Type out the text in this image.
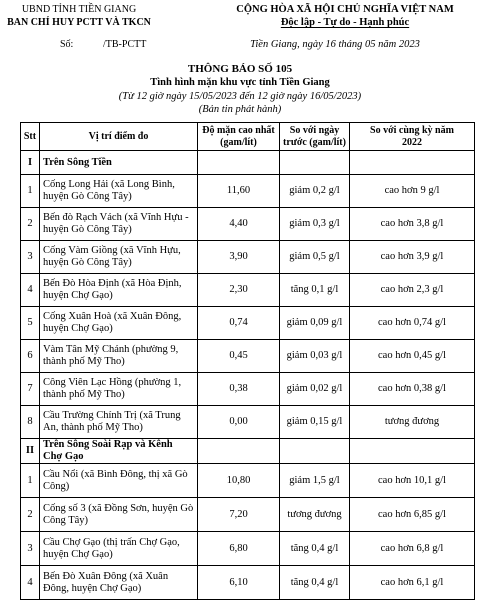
UBND TỈNH TIỀN GIANG
BAN CHỈ HUY PCTT VÀ TKCN
Số:	/TB-PCTT
CỘNG HÒA XÃ HỘI CHỦ NGHĨA VIỆT NAM
Độc lập - Tự do - Hạnh phúc
Tiền Giang, ngày 16 tháng 05 năm 2023
THÔNG BÁO SỐ 105
Tình hình mặn khu vực tỉnh Tiền Giang
(Từ 12 giờ ngày 15/05/2023 đến 12 giờ ngày 16/05/2023)
(Bản tin phát hành)
Stt	Vị trí điểm đo	Độ mặn cao nhất (gam/lít)	So với ngày trước (gam/lít)	So với cùng kỳ năm 2022
I	Trên Sông Tiền			
1	Cống Long Hải (xã Long Bình, huyện Gò Công Tây)	11,60	giảm 0,2 g/l	cao hơn 9 g/l
2	Bến đò Rạch Vách (xã Vĩnh Hựu - huyện Gò Công Tây)	4,40	giảm 0,3 g/l	cao hơn 3,8 g/l
3	Cống Vàm Giồng (xã Vĩnh Hựu, huyện Gò Công Tây)	3,90	giảm 0,5 g/l	cao hơn 3,9 g/l
4	Bến Đò Hòa Định (xã Hòa Định, huyện Chợ Gạo)	2,30	tăng 0,1 g/l	cao hơn 2,3 g/l
5	Cống Xuân Hoà (xã Xuân Đông, huyện Chợ Gạo)	0,74	giảm 0,09 g/l	cao hơn 0,74 g/l
6	Vàm Tân Mỹ Chánh (phường 9, thành phố Mỹ Tho)	0,45	giảm 0,03 g/l	cao hơn 0,45 g/l
7	Công Viên Lạc Hồng (phường 1, thành phố Mỹ Tho)	0,38	giảm 0,02 g/l	cao hơn 0,38 g/l
8	Cầu Trường Chính Trị (xã Trung An, thành phố Mỹ Tho)	0,00	giảm 0,15 g/l	tương đương
II	Trên Sông Soài Rạp và Kênh Chợ Gạo			
1	Cầu Nổi (xã Bình Đông, thị xã Gò Công)	10,80	giảm 1,5 g/l	cao hơn 10,1 g/l
2	Cống số 3 (xã Đồng Sơn, huyện Gò Công Tây)	7,20	tương đương	cao hơn 6,85 g/l
3	Cầu Chợ Gạo (thị trấn Chợ Gạo, huyện Chợ Gạo)	6,80	tăng 0,4 g/l	cao hơn 6,8 g/l
4	Bến Đò Xuân Đông (xã Xuân Đông, huyện Chợ Gạo)	6,10	tăng 0,4 g/l	cao hơn 6,1 g/l
